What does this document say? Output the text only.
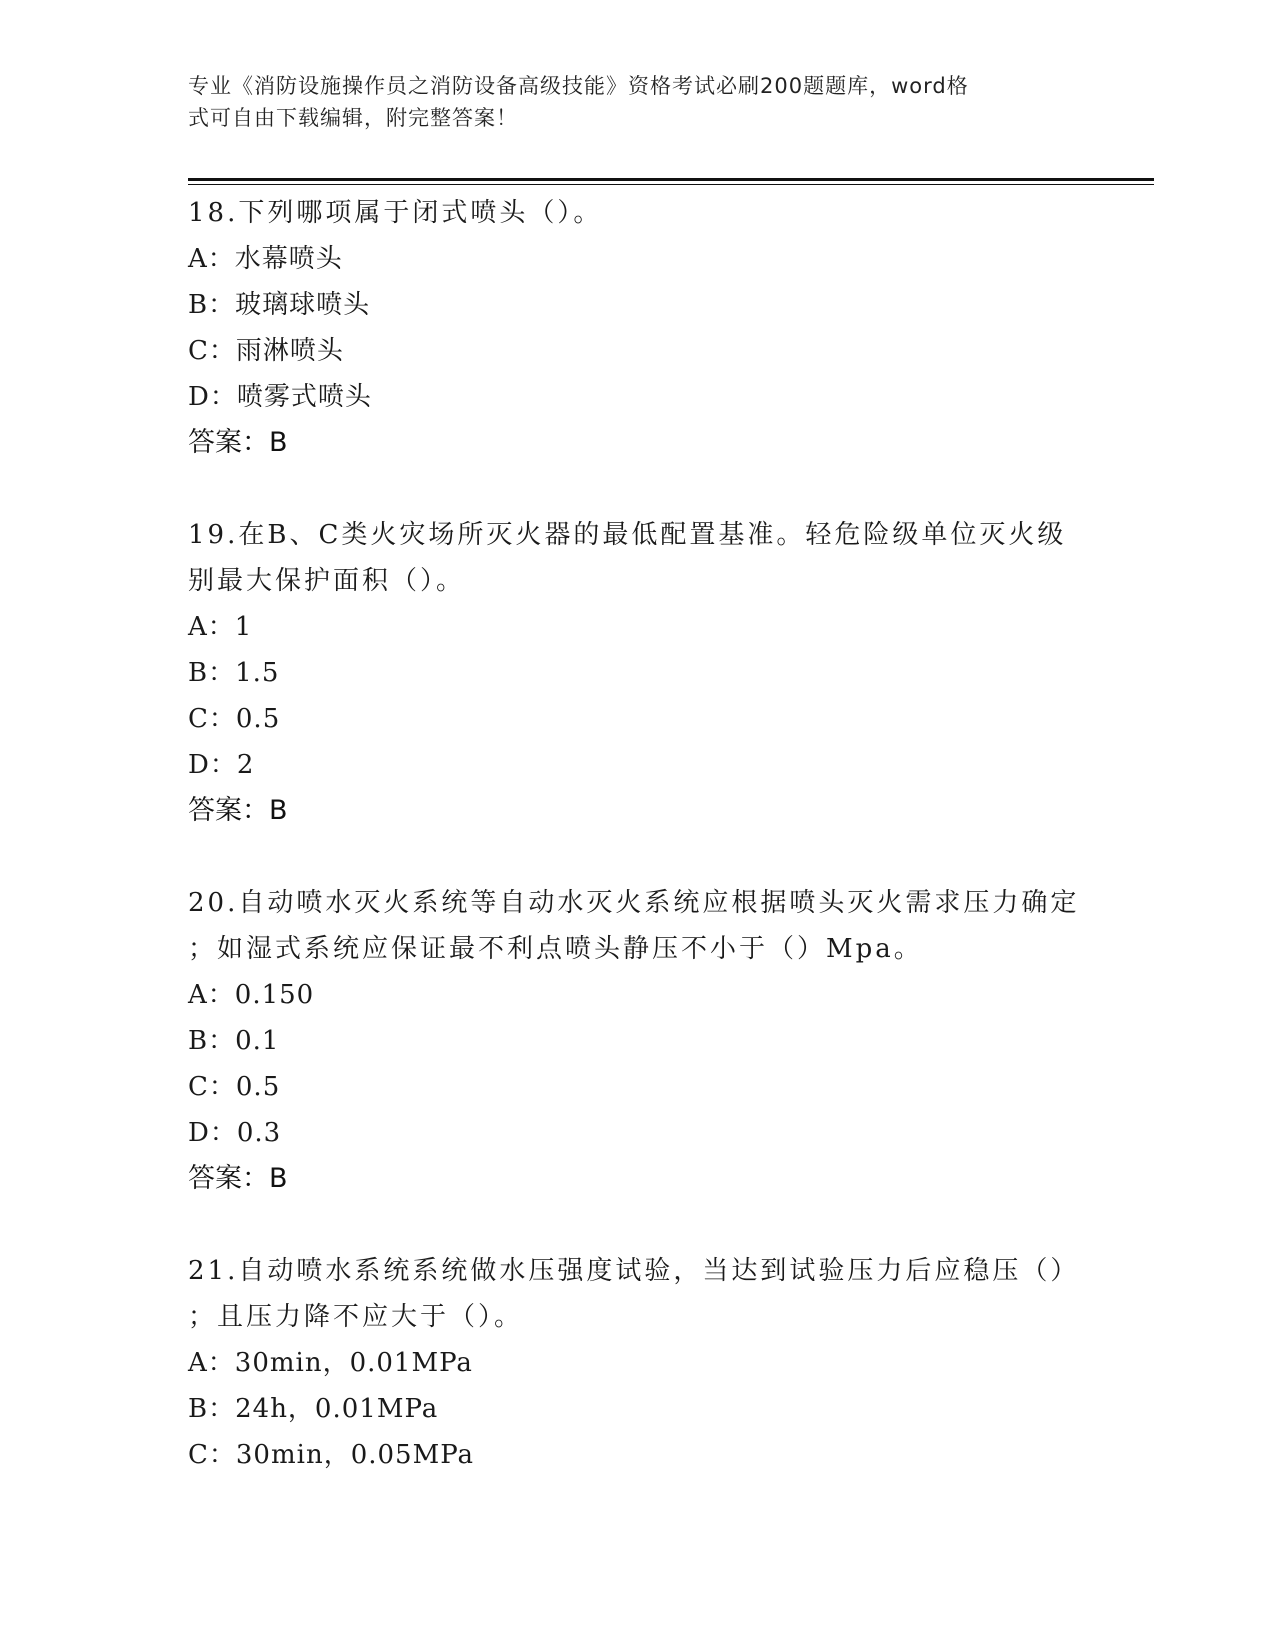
专业《消防设施操作员之消防设备高级技能》资格考试必刷200题题库，word格
式可自由下载编辑，附完整答案！

18.下列哪项属于闭式喷头（）。

A：水幕喷头

B：玻璃球喷头

C：雨淋喷头

D：喷雾式喷头

答案：B

19.在B、C类火灾场所灭火器的最低配置基准。轻危险级单位灭火级

别最大保护面积（）。

A：1

B：1.5

C：0.5

D：2

答案：B

20.自动喷水灭火系统等自动水灭火系统应根据喷头灭火需求压力确定

；如湿式系统应保证最不利点喷头静压不小于（）Mpa。

A：0.150

B：0.1

C：0.5

D：0.3

答案：B

21.自动喷水系统系统做水压强度试验，当达到试验压力后应稳压（）

；且压力降不应大于（）。

A：30min，0.01MPa

B：24h，0.01MPa

C：30min，0.05MPa
